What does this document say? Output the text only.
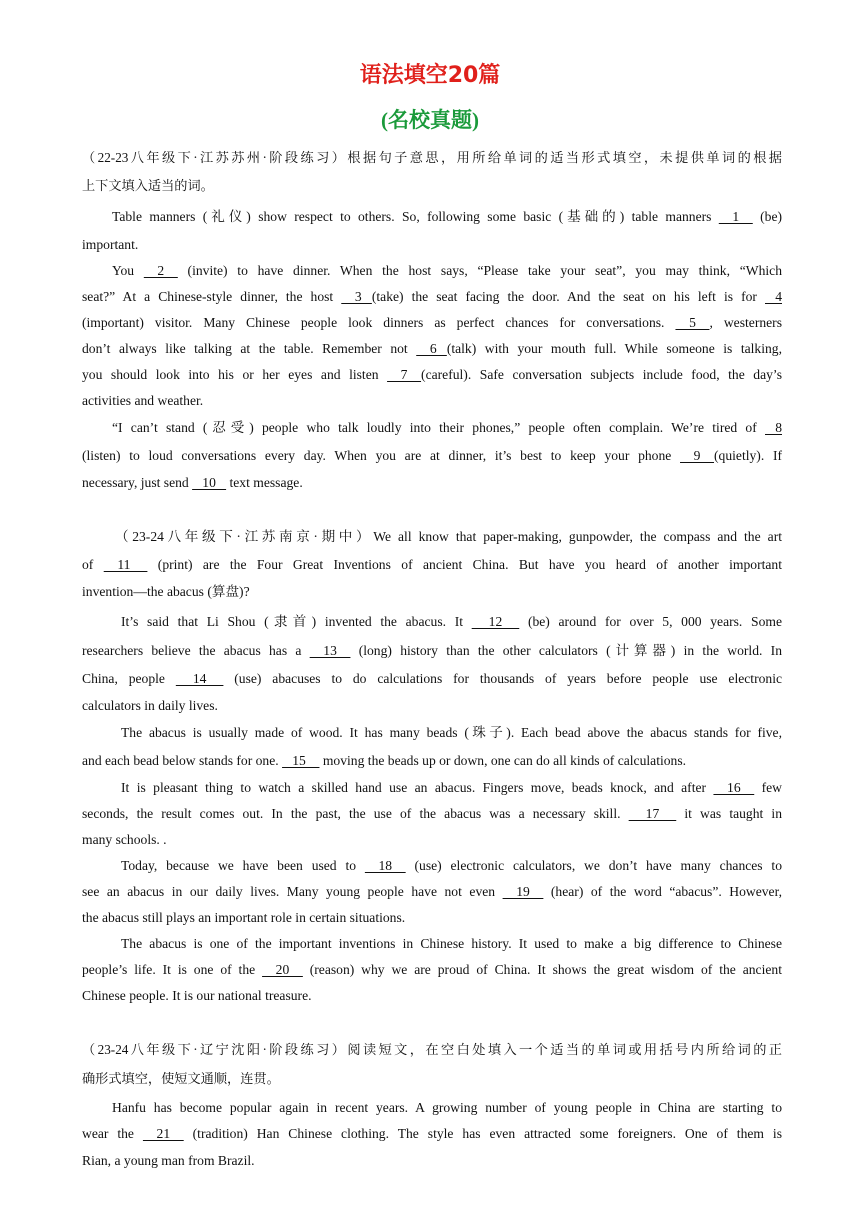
语法填空20篇
(名校真题)
（22-23八年级下·江苏苏州·阶段练习）根据句子意思，用所给单词的适当形式填空，未提供单词的根据
上下文填入适当的词。
Table manners (礼仪) show respect to others. So, following some basic (基础的) table manners     1     (be)
important.
You     2     (invite) to have dinner. When the host says, “Please take your seat”, you may think, “Which
seat?” At a Chinese-style dinner, the host     3   (take) the seat facing the door. And the seat on his left is for    4
(important) visitor. Many Chinese people look dinners as perfect chances for conversations.     5    , westerners
don’t always like talking at the table. Remember not     6   (talk) with your mouth full. While someone is talking,
you should look into his or her eyes and listen     7    (careful). Safe conversation subjects include food, the day’s
activities and weather.
“I can’t stand (忍受) people who talk loudly into their phones,” people often complain. We’re tired of    8
(listen) to loud conversations every day. When you are at dinner, it’s best to keep your phone     9    (quietly). If
necessary, just send    10    text message.
（23-24八年级下·江苏南京·期中）We all know that paper-making, gunpowder, the compass and the art
of     11      (print) are the Four Great Inventions of ancient China. But have you heard of another important
invention—the abacus (算盘)?
It’s said that Li Shou (隶首) invented the abacus. It      12      (be) around for over 5, 000 years. Some
researchers believe the abacus has a     13     (long) history than the other calculators (计算器) in the world. In
China, people      14      (use) abacuses to do calculations for thousands of years before people use electronic
calculators in daily lives.
The abacus is usually made of wood. It has many beads (珠子). Each bead above the abacus stands for five,
and each bead below stands for one.    15     moving the beads up or down, one can do all kinds of calculations.
It is pleasant thing to watch a skilled hand use an abacus. Fingers move, beads knock, and after     16     few
seconds, the result comes out. In the past, the use of the abacus was a necessary skill.      17      it was taught in
many schools. .
Today, because we have been used to     18     (use) electronic calculators, we don’t have many chances to
see an abacus in our daily lives. Many young people have not even     19     (hear) of the word “abacus”. However,
the abacus still plays an important role in certain situations.
The abacus is one of the important inventions in Chinese history. It used to make a big difference to Chinese
people’s life. It is one of the     20     (reason) why we are proud of China. It shows the great wisdom of the ancient
Chinese people. It is our national treasure.
（23-24八年级下·辽宁沈阳·阶段练习）阅读短文，在空白处填入一个适当的单词或用括号内所给词的正
确形式填空，使短文通顺，连贯。
Hanfu has become popular again in recent years. A growing number of young people in China are starting to
wear the     21     (tradition) Han Chinese clothing. The style has even attracted some foreigners. One of them is
Rian, a young man from Brazil.
